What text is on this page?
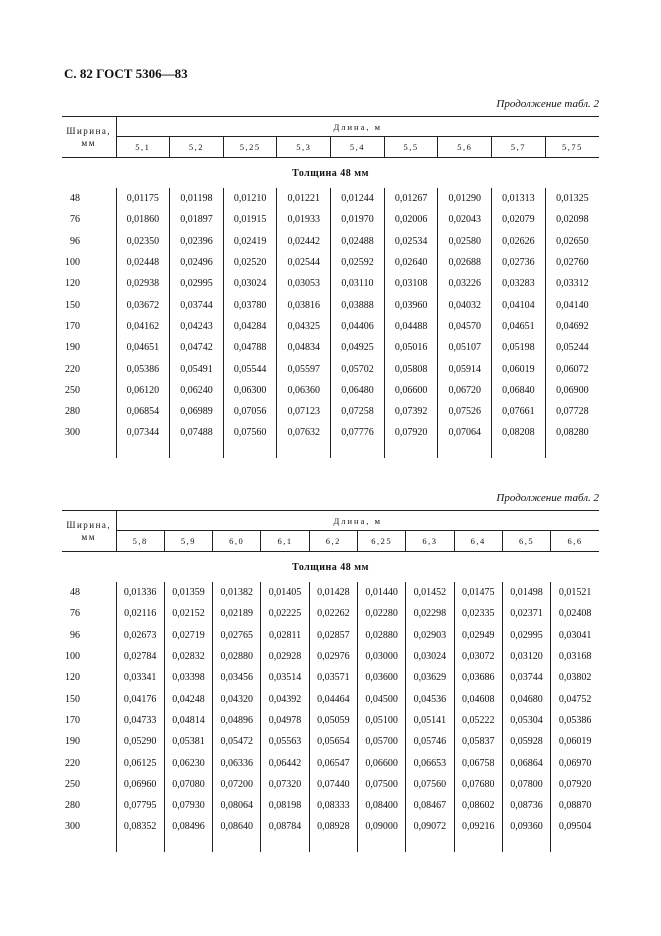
С. 82 ГОСТ 5306—83
Продолжение табл. 2
Ширина,
мм	Длина, м								
	5,1	5,2	5,25	5,3	5,4	5,5	5,6	5,7	5,75
Толщина 48 мм									
48	0,01175	0,01198	0,01210	0,01221	0,01244	0,01267	0,01290	0,01313	0,01325
76	0,01860	0,01897	0,01915	0,01933	0,01970	0,02006	0,02043	0,02079	0,02098
96	0,02350	0,02396	0,02419	0,02442	0,02488	0,02534	0,02580	0,02626	0,02650
100	0,02448	0,02496	0,02520	0,02544	0,02592	0,02640	0,02688	0,02736	0,02760
120	0,02938	0,02995	0,03024	0,03053	0,03110	0,03108	0,03226	0,03283	0,03312
150	0,03672	0,03744	0,03780	0,03816	0,03888	0,03960	0,04032	0,04104	0,04140
170	0,04162	0,04243	0,04284	0,04325	0,04406	0,04488	0,04570	0,04651	0,04692
190	0,04651	0,04742	0,04788	0,04834	0,04925	0,05016	0,05107	0,05198	0,05244
220	0,05386	0,05491	0,05544	0,05597	0,05702	0,05808	0,05914	0,06019	0,06072
250	0,06120	0,06240	0,06300	0,06360	0,06480	0,06600	0,06720	0,06840	0,06900
280	0,06854	0,06989	0,07056	0,07123	0,07258	0,07392	0,07526	0,07661	0,07728
300	0,07344	0,07488	0,07560	0,07632	0,07776	0,07920	0,07064	0,08208	0,08280

Продолжение табл. 2
Ширина,
мм	Длина, м									
	5,8	5,9	6,0	6,1	6,2	6,25	6,3	6,4	6,5	6,6
Толщина 48 мм										
48	0,01336	0,01359	0,01382	0,01405	0,01428	0,01440	0,01452	0,01475	0,01498	0,01521
76	0,02116	0,02152	0,02189	0,02225	0,02262	0,02280	0,02298	0,02335	0,02371	0,02408
96	0,02673	0,02719	0,02765	0,02811	0,02857	0,02880	0,02903	0,02949	0,02995	0,03041
100	0,02784	0,02832	0,02880	0,02928	0,02976	0,03000	0,03024	0,03072	0,03120	0,03168
120	0,03341	0,03398	0,03456	0,03514	0,03571	0,03600	0,03629	0,03686	0,03744	0,03802
150	0,04176	0,04248	0,04320	0,04392	0,04464	0,04500	0,04536	0,04608	0,04680	0,04752
170	0,04733	0,04814	0,04896	0,04978	0,05059	0,05100	0,05141	0,05222	0,05304	0,05386
190	0,05290	0,05381	0,05472	0,05563	0,05654	0,05700	0,05746	0,05837	0,05928	0,06019
220	0,06125	0,06230	0,06336	0,06442	0,06547	0,06600	0,06653	0,06758	0,06864	0,06970
250	0,06960	0,07080	0,07200	0,07320	0,07440	0,07500	0,07560	0,07680	0,07800	0,07920
280	0,07795	0,07930	0,08064	0,08198	0,08333	0,08400	0,08467	0,08602	0,08736	0,08870
300	0,08352	0,08496	0,08640	0,08784	0,08928	0,09000	0,09072	0,09216	0,09360	0,09504
